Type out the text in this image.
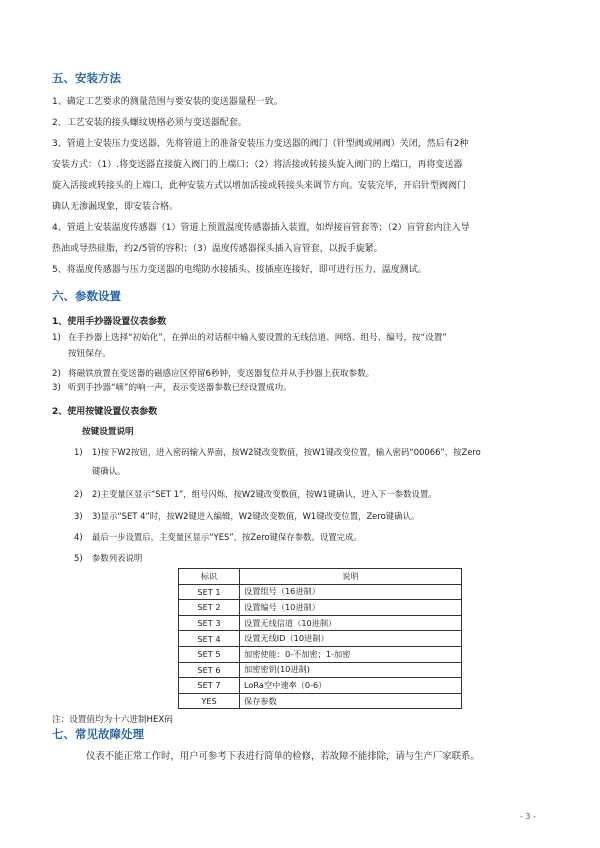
五、安装方法
1、确定工艺要求的测量范围与要安装的变送器量程一致。
2、工艺安装的接头螺纹规格必须与变送器配套。
3、管道上安装压力变送器，先将管道上的准备安装压力变送器的阀门（针型阀或闸阀）关闭，然后有2种
安装方式：（1）.将变送器直接旋入阀门的上端口；（2）将活接或转接头旋入阀门的上端口，再将变送器
旋入活接或转接头的上端口，此种安装方式以增加活接或转接头来调节方向。安装完毕，开启针型阀阀门
确认无渗漏现象，即安装合格。
4、管道上安装温度传感器（1）管道上预置温度传感器插入装置，如焊接盲管套等；（2）盲管套内注入导
热油或导热硅脂，约2/5管的容积；（3）温度传感器探头插入盲管套，以扳手旋紧。
5、将温度传感器与压力变送器的电缆防水接插头、接插座连接好，即可进行压力、温度测试。
六、参数设置
1、使用手抄器设置仪表参数
1) 在手抄器上选择“初始化”，在弹出的对话框中输入要设置的无线信道、网络、组号、编号，按“设置”
按钮保存。
2) 将磁铁放置在变送器的磁感应区停留6秒钟，变送器复位并从手抄器上获取参数。
3) 听到手抄器“嘀”的响一声，表示变送器参数已经设置成功。
2、使用按键设置仪表参数
按键设置说明
1) 1)按下W2按钮，进入密码输入界面，按W2键改变数值，按W1键改变位置，输入密码“00066”，按Zero
键确认。
2) 2)主变量区显示“SET 1”，组号闪烁，按W2键改变数值，按W1键确认，进入下一参数设置。
3) 3)显示“SET 4”时，按W2键进入编辑，W2键改变数值，W1键改变位置，Zero键确认。
4) 最后一步设置后，主变量区显示“YES”，按Zero键保存参数。设置完成。
5) 参数列表说明
标识	说明
SET 1	设置组号（16进制）
SET 2	设置编号（10进制）
SET 3	设置无线信道（10进制）
SET 4	设置无线ID（10进制）
SET 5	加密使能：0-不加密；1-加密
SET 6	加密密钥(10进制)
SET 7	LoRa空中速率（0-6）
YES	保存参数
注：设置值均为十六进制HEX码
七、常见故障处理
仪表不能正常工作时，用户可参考下表进行简单的检修，若故障不能排除，请与生产厂家联系。
- 3 -
